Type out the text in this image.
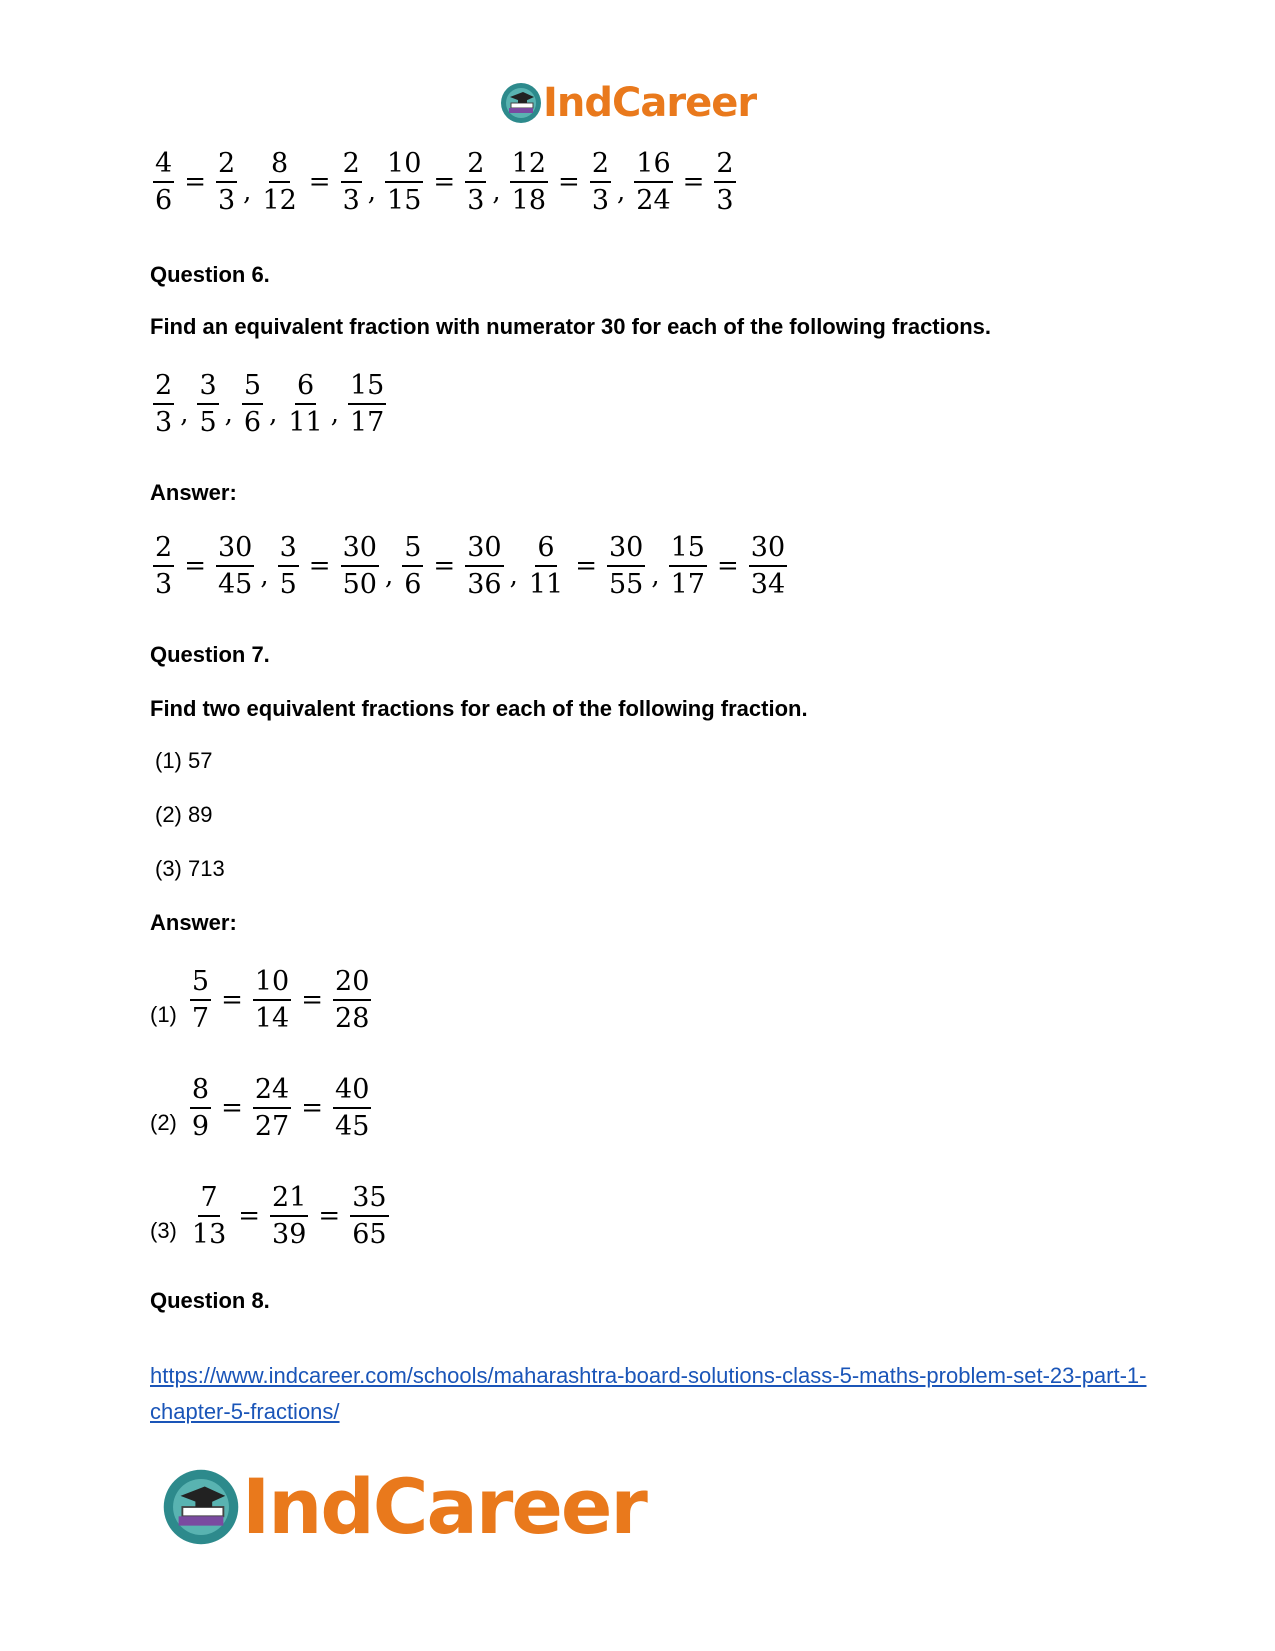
IndCareer
$\frac{4}{6} = \frac{2}{3}$ , $\frac{8}{12} = \frac{2}{3}$ , $\frac{10}{15} = \frac{2}{3}$ , $\frac{12}{18} = \frac{2}{3}$ , $\frac{16}{24} = \frac{2}{3}$
Question 6.
Find an equivalent fraction with numerator 30 for each of the following fractions.
$\frac{2}{3}$ , $\frac{3}{5}$ , $\frac{5}{6}$ , $\frac{6}{11}$ , $\frac{15}{17}$
Answer:
$\frac{2}{3} = \frac{30}{45}$ , $\frac{3}{5} = \frac{30}{50}$ , $\frac{5}{6} = \frac{30}{36}$ , $\frac{6}{11} = \frac{30}{55}$ , $\frac{15}{17} = \frac{30}{34}$
Question 7.
Find two equivalent fractions for each of the following fraction.
(1) 57
(2) 89
(3) 713
Answer:
$(1) \frac{5}{7} = \frac{10}{14} = \frac{20}{28}$
$(2) \frac{8}{9} = \frac{24}{27} = \frac{40}{45}$
$(3) \frac{7}{13} = \frac{21}{39} = \frac{35}{65}$
Question 8.
https://www.indcareer.com/schools/maharashtra-board-solutions-class-5-maths-problem-set-23-part-1-chapter-5-fractions/
IndCareer
